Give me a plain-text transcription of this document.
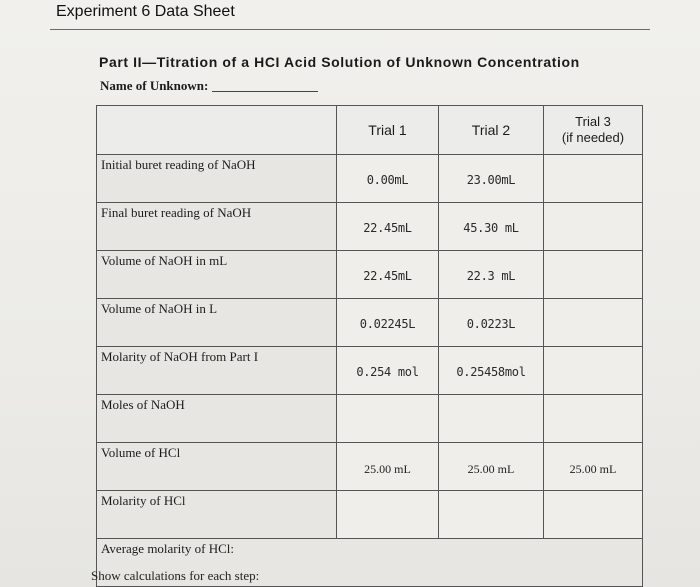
Experiment 6 Data Sheet
Part II—Titration of a HCI Acid Solution of Unknown Concentration
Name of Unknown:
	Trial 1	Trial 2	Trial 3
(if needed)
Initial buret reading of NaOH	0.00mL	23.00mL	

Final buret reading of NaOH	22.45mL	45.30 mL	

Volume of NaOH in mL	22.45mL	22.3 mL	

Volume of NaOH in L	0.02245L	0.0223L	

Molarity of NaOH from Part I	0.254 mol	0.25458mol	

Moles of NaOH			
Volume of HCl	25.00 mL	25.00 mL	25.00 mL

Molarity of HCl			
Average molarity of HCl:			
Show calculations for each step:
